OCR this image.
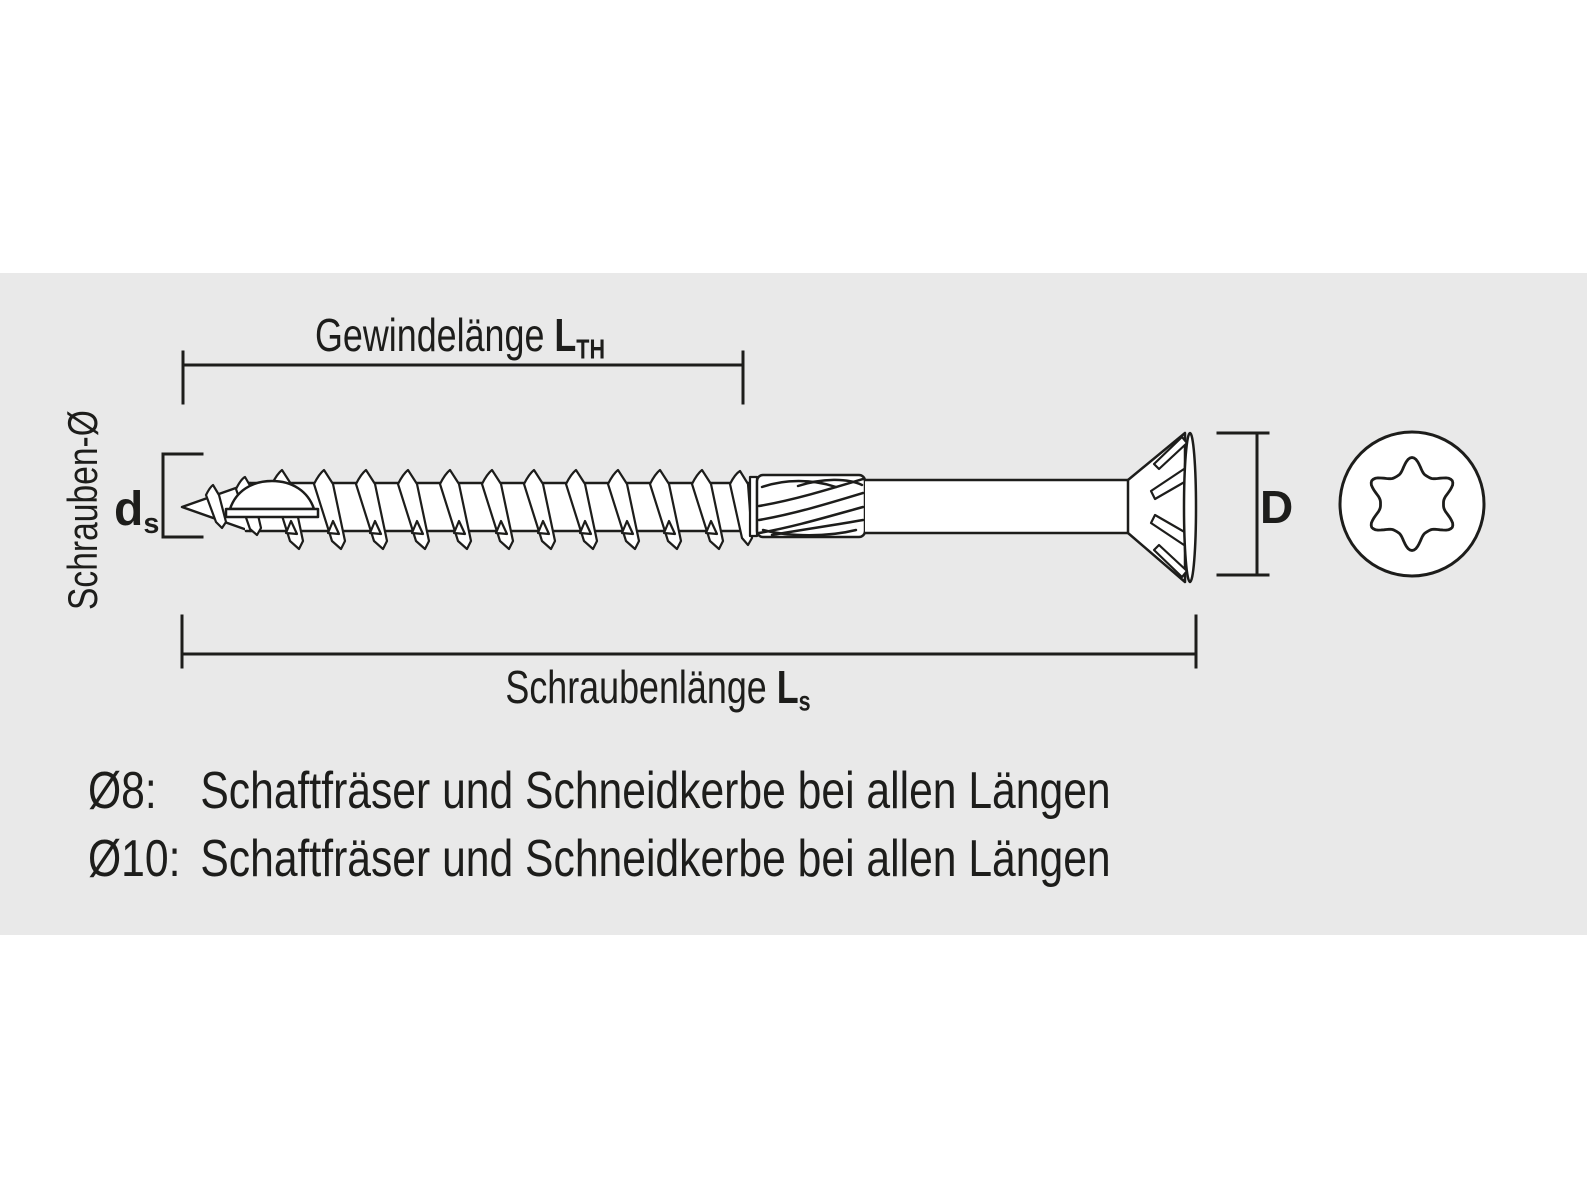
Gewindelänge $L_{TH}$
Schraubenlänge $L_s$
Schrauben-Ø $d_s$	D
Ø8: Schaftfräser und Schneidkerbe bei allen Längen
Ø10: Schaftfräser und Schneidkerbe bei allen Längen
